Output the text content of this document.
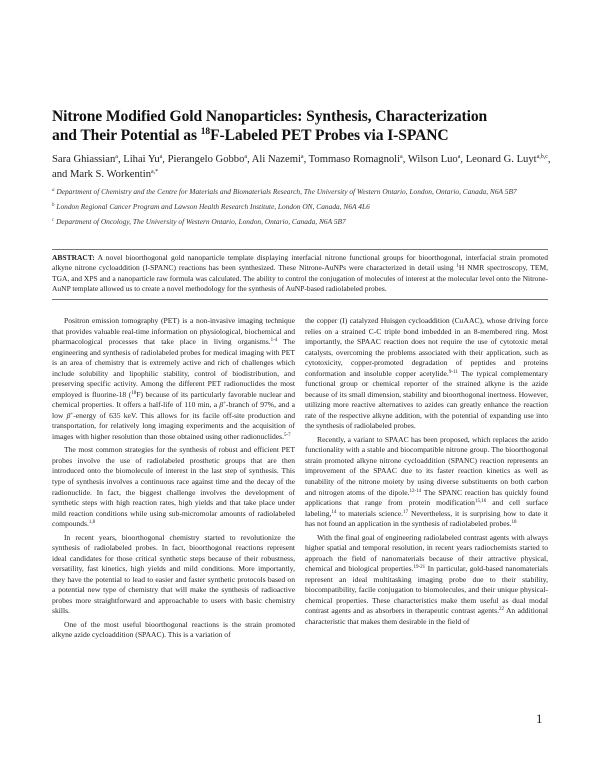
Nitrone Modified Gold Nanoparticles: Synthesis, Characterization
and Their Potential as $^{18}$F-Labeled PET Probes via I-SPANC
Sara Ghiassian$^a$, Lihai Yu$^a$, Pierangelo Gobbo$^a$, Ali Nazemi$^a$, Tommaso Romagnoli$^a$, Wilson Luo$^a$, Leonard G. Luyt$^{a,b,c}$, and Mark S. Workentin$^{a,*}$
$^a$ Department of Chemistry and the Centre for Materials and Biomaterials Research, The University of Western Ontario, London, Ontario, Canada, N6A 5B7
$^b$ London Regional Cancer Program and Lawson Health Research Institute, London ON, Canada, N6A 4L6
$^c$ Department of Oncology, The University of Western Ontario, London, Ontario, Canada, N6A 5B7
ABSTRACT: A novel bioorthogonal gold nanoparticle template displaying interfacial nitrone functional groups for bioorthogonal, interfacial strain promoted alkyne nitrone cycloaddition (I-SPANC) reactions has been synthesized. These Nitrone-AuNPs were characterized in detail using $^1$H NMR spectroscopy, TEM, TGA, and XPS and a nanoparticle raw formula was calculated. The ability to control the conjugation of molecules of interest at the molecular level onto the Nitrone-AuNP template allowed us to create a novel methodology for the synthesis of AuNP-based radiolabeled probes.

Positron emission tomography (PET) is a non-invasive imaging technique that provides valuable real-time information on physiological, biochemical and pharmacological processes that take place in living organisms.$^{1-4}$ The engineering and synthesis of radiolabeled probes for medical imaging with PET is an area of chemistry that is extremely active and rich of challenges which include solubility and lipophilic stability, control of biodistribution, and preserving specific activity. Among the different PET radionuclides the most employed is fluorine-18 ($^{18}$F) because of its particularly favorable nuclear and chemical properties. It offers a half-life of 110 min, a β+-branch of 97%, and a low β+-energy of 635 keV. This allows for its facile off-site production and transportation, for relatively long imaging experiments and the acquisition of images with higher resolution than those obtained using other radionuclides.$^{5-7}$

The most common strategies for the synthesis of robust and efficient PET probes involve the use of radiolabeled prosthetic groups that are then introduced onto the biomolecule of interest in the last step of synthesis. This type of synthesis involves a continuous race against time and the decay of the radionuclide. In fact, the biggest challenge involves the development of synthetic steps with high reaction rates, high yields and that take place under mild reaction conditions while using sub-micromolar amounts of radiolabeled compounds.$^{1,8}$

In recent years, bioorthogonal chemistry started to revolutionize the synthesis of radiolabeled probes. In fact, bioorthogonal reactions represent ideal candidates for those critical synthetic steps because of their robustness, versatility, fast kinetics, high yields and mild conditions. More importantly, they have the potential to lead to easier and faster synthetic protocols based on a potential new type of chemistry that will make the synthesis of radioactive probes more straightforward and approachable to users with basic chemistry skills.

One of the most useful bioorthogonal reactions is the strain promoted alkyne azide cycloaddition (SPAAC). This is a variation of

the copper (I) catalyzed Huisgen cycloaddition (CuAAC), whose driving force relies on a strained C-C triple bond imbedded in an 8-membered ring. Most importantly, the SPAAC reaction does not require the use of cytotoxic metal catalysts, overcoming the problems associated with their application, such as cytotoxicity, copper-promoted degradation of peptides and proteins conformation and insoluble copper acetylide.$^{9-11}$ The typical complementary functional group or chemical reporter of the strained alkyne is the azide because of its small dimension, stability and bioorthogonal inertness. However, utilizing more reactive alternatives to azides can greatly enhance the reaction rate of the respective alkyne addition, with the potential of expanding use into the synthesis of radiolabeled probes.

Recently, a variant to SPAAC has been proposed, which replaces the azido functionality with a stable and biocompatible nitrone group. The bioorthogonal strain promoted alkyne nitrone cycloaddition (SPANC) reaction represents an improvement of the SPAAC due to its faster reaction kinetics as well as tunability of the nitrone moiety by using diverse substituents on both carbon and nitrogen atoms of the dipole.$^{12-14}$ The SPANC reaction has quickly found applications that range from protein modification$^{15,16}$ and cell surface labeling,$^{14}$ to materials science.$^{17}$ Nevertheless, it is surprising how to date it has not found an application in the synthesis of radiolabeled probes.$^{18}$

With the final goal of engineering radiolabeled contrast agents with always higher spatial and temporal resolution, in recent years radiochemists started to approach the field of nanomaterials because of their attractive physical, chemical and biological properties.$^{19-21}$ In particular, gold-based nanomaterials represent an ideal multitasking imaging probe due to their stability, biocompatibility, facile conjugation to biomolecules, and their unique physical-chemical properties. These characteristics make them useful as dual modal contrast agents and as absorbers in therapeutic contrast agents.$^{22}$ An additional characteristic that makes them desirable in the field of

1
